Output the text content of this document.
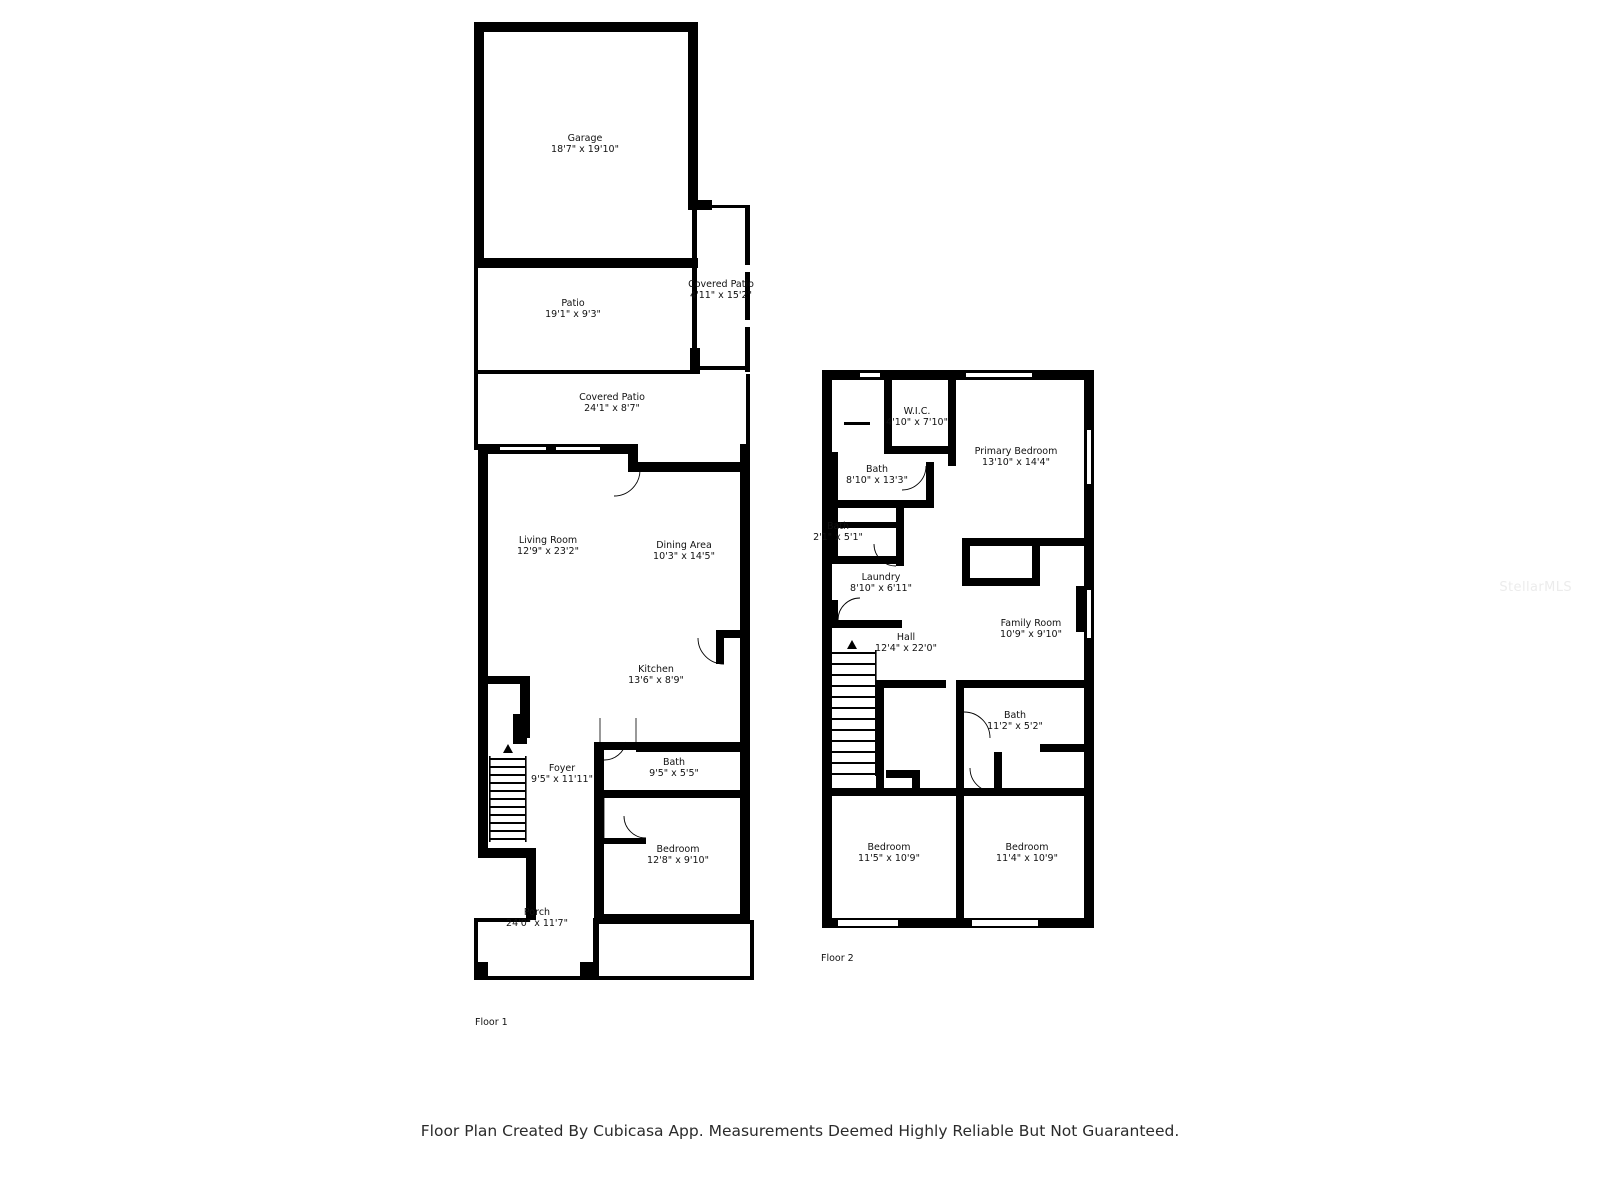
Garage
18'7" x 19'10"
Patio
19'1" x 9'3"
Covered Patio
4'11" x 15'2"
Covered Patio
24'1" x 8'7"
Living Room
12'9" x 23'2"
Dining Area
10'3" x 14'5"
Kitchen
13'6" x 8'9"
Foyer
9'5" x 11'11"
Bath
9'5" x 5'5"
Bedroom
12'8" x 9'10"
Porch
24'0" x 11'7"
Floor 1
W.I.C.
4'10" x 7'10"
Primary Bedroom
13'10" x 14'4"
Bath
8'10" x 13'3"
Bath
2'1" x 5'1"
Laundry
8'10" x 6'11"
Family Room
10'9" x 9'10"
Hall
12'4" x 22'0"
Bath
11'2" x 5'2"
Bedroom
11'5" x 10'9"
Bedroom
11'4" x 10'9"
Floor 2
Floor Plan Created By Cubicasa App. Measurements Deemed Highly Reliable But Not Guaranteed.
StellarMLS
